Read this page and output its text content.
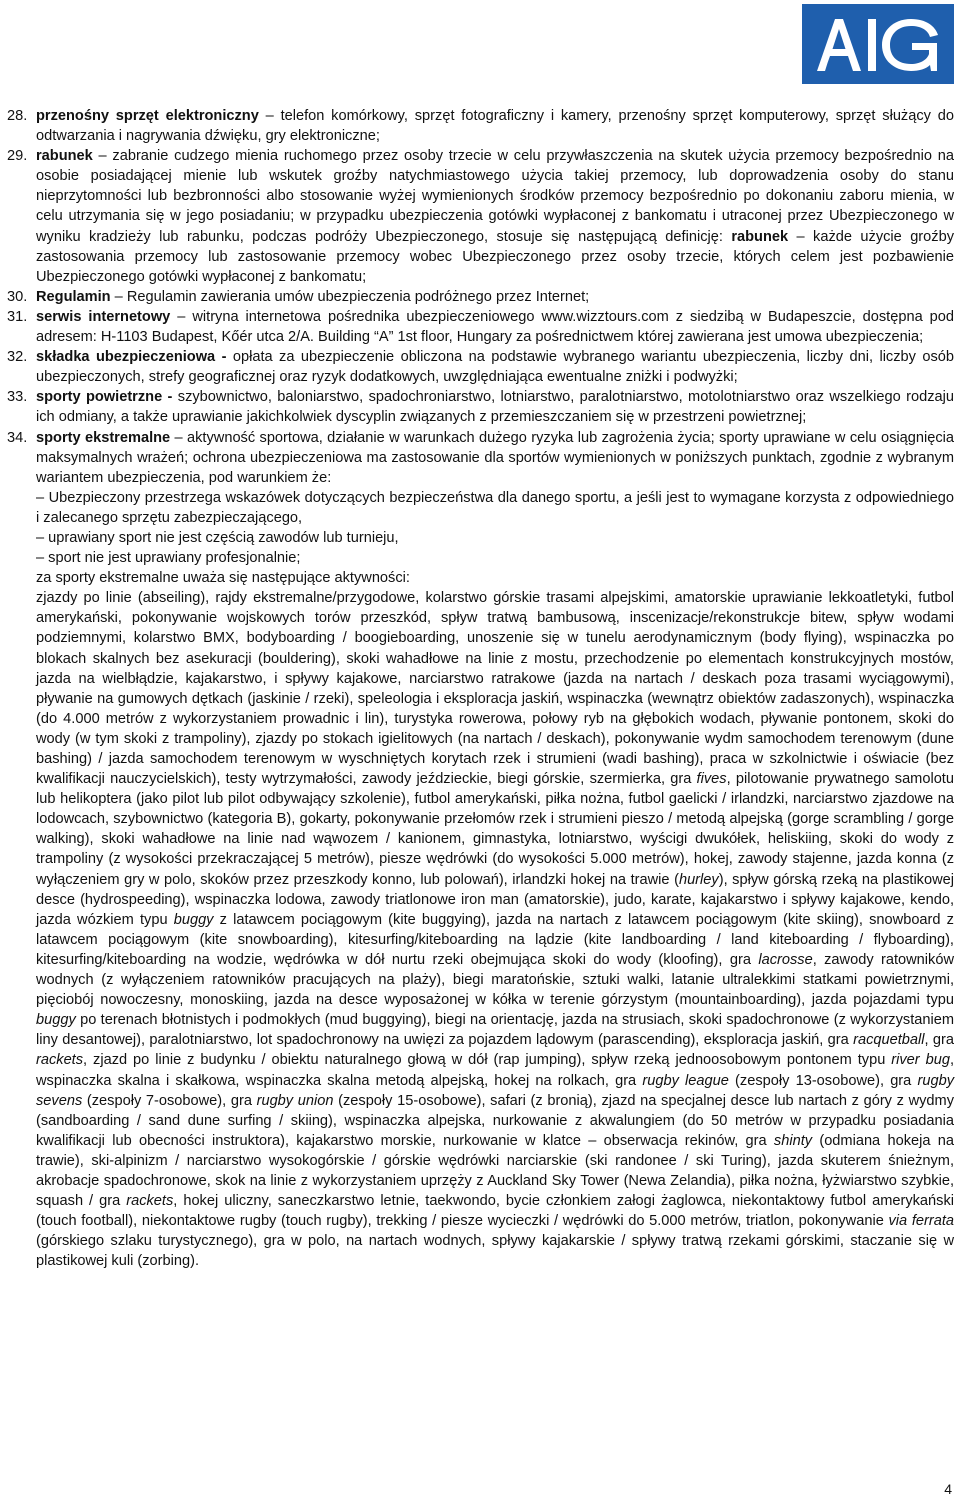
28. przenośny sprzęt elektroniczny – telefon komórkowy, sprzęt fotograficzny i kamery, przenośny sprzęt komputerowy, sprzęt służący do odtwarzania i nagrywania dźwięku, gry elektroniczne;
29. rabunek – zabranie cudzego mienia ruchomego przez osoby trzecie w celu przywłaszczenia na skutek użycia przemocy bezpośrednio na osobie posiadającej mienie lub wskutek groźby natychmiastowego użycia takiej przemocy, lub doprowadzenia osoby do stanu nieprzytomności lub bezbronności albo stosowanie wyżej wymienionych środków przemocy bezpośrednio po dokonaniu zaboru mienia, w celu utrzymania się w jego posiadaniu; w przypadku ubezpieczenia gotówki wypłaconej z bankomatu i utraconej przez Ubezpieczonego w wyniku kradzieży lub rabunku, podczas podróży Ubezpieczonego, stosuje się następującą definicję: rabunek – każde użycie groźby zastosowania przemocy lub zastosowanie przemocy wobec Ubezpieczonego przez osoby trzecie, których celem jest pozbawienie Ubezpieczonego gotówki wypłaconej z bankomatu;
30. Regulamin – Regulamin zawierania umów ubezpieczenia podróżnego przez Internet;
31. serwis internetowy – witryna internetowa pośrednika ubezpieczeniowego www.wizztours.com z siedzibą w Budapeszcie, dostępna pod adresem: H-1103 Budapest, Kőér utca 2/A. Building “A” 1st floor, Hungary za pośrednictwem której zawierana jest umowa ubezpieczenia;
32. składka ubezpieczeniowa - opłata za ubezpieczenie obliczona na podstawie wybranego wariantu ubezpieczenia, liczby dni, liczby osób ubezpieczonych, strefy geograficznej oraz ryzyk dodatkowych, uwzględniająca ewentualne zniżki i podwyżki;
33. sporty powietrzne - szybownictwo, baloniarstwo, spadochroniarstwo, lotniarstwo, paralotniarstwo, motolotniarstwo oraz wszelkiego rodzaju ich odmiany, a także uprawianie jakichkolwiek dyscyplin związanych z przemieszczaniem się w przestrzeni powietrznej;
34. sporty ekstremalne – aktywność sportowa, działanie w warunkach dużego ryzyka lub zagrożenia życia; sporty uprawiane w celu osiągnięcia maksymalnych wrażeń; ochrona ubezpieczeniowa ma zastosowanie dla sportów wymienionych w poniższych punktach, zgodnie z wybranym wariantem ubezpieczenia, pod warunkiem że:

– Ubezpieczony przestrzega wskazówek dotyczących bezpieczeństwa dla danego sportu, a jeśli jest to wymagane korzysta z odpowiedniego i zalecanego sprzętu zabezpieczającego,

– uprawiany sport nie jest częścią zawodów lub turnieju,

– sport nie jest uprawiany profesjonalnie;

za sporty ekstremalne uważa się następujące aktywności:

zjazdy po linie (abseiling), rajdy ekstremalne/przygodowe, kolarstwo górskie trasami alpejskimi, amatorskie uprawianie lekkoatletyki, futbol amerykański, pokonywanie wojskowych torów przeszkód, spływ tratwą bambusową, inscenizacje/rekonstrukcje bitew, spływ wodami podziemnymi, kolarstwo BMX, bodyboarding / boogieboarding, unoszenie się w tunelu aerodynamicznym (body flying), wspinaczka po blokach skalnych bez asekuracji (bouldering), skoki wahadłowe na linie z mostu, przechodzenie po elementach konstrukcyjnych mostów, jazda na wielbłądzie, kajakarstwo, i spływy kajakowe, narciarstwo ratrakowe (jazda na nartach / deskach poza trasami wyciągowymi), pływanie na gumowych dętkach (jaskinie / rzeki), speleologia i eksploracja jaskiń, wspinaczka (wewnątrz obiektów zadaszonych), wspinaczka (do 4.000 metrów z wykorzystaniem prowadnic i lin), turystyka rowerowa, połowy ryb na głębokich wodach, pływanie pontonem, skoki do wody (w tym skoki z trampoliny), zjazdy po stokach igielitowych (na nartach / deskach), pokonywanie wydm samochodem terenowym (dune bashing) / jazda samochodem terenowym w wyschniętych korytach rzek i strumieni (wadi bashing), praca w szkolnictwie i oświacie (bez kwalifikacji nauczycielskich), testy wytrzymałości, zawody jeździeckie, biegi górskie, szermierka, gra fives, pilotowanie prywatnego samolotu lub helikoptera (jako pilot lub pilot odbywający szkolenie), futbol amerykański, piłka nożna, futbol gaelicki / irlandzki, narciarstwo zjazdowe na lodowcach, szybownictwo (kategoria B), gokarty, pokonywanie przełomów rzek i strumieni pieszo / metodą alpejską (gorge scrambling / gorge walking), skoki wahadłowe na linie nad wąwozem / kanionem, gimnastyka, lotniarstwo, wyścigi dwukółek, heliskiing, skoki do wody z trampoliny (z wysokości przekraczającej 5 metrów), piesze wędrówki (do wysokości 5.000 metrów), hokej, zawody stajenne, jazda konna (z wyłączeniem gry w polo, skoków przez przeszkody konno, lub polowań), irlandzki hokej na trawie (hurley), spływ górską rzeką na plastikowej desce (hydrospeeding), wspinaczka lodowa, zawody triatlonowe iron man (amatorskie), judo, karate, kajakarstwo i spływy kajakowe, kendo, jazda wózkiem typu buggy z latawcem pociągowym (kite buggying), jazda na nartach z latawcem pociągowym (kite skiing), snowboard z latawcem pociągowym (kite snowboarding), kitesurfing/kiteboarding na lądzie (kite landboarding / land kiteboarding / flyboarding), kitesurfing/kiteboarding na wodzie, wędrówka w dół nurtu rzeki obejmująca skoki do wody (kloofing), gra lacrosse, zawody ratowników wodnych (z wyłączeniem ratowników pracujących na plaży), biegi maratońskie, sztuki walki, latanie ultralekkimi statkami powietrznymi, pięciobój nowoczesny, monoskiing, jazda na desce wyposażonej w kółka w terenie górzystym (mountainboarding), jazda pojazdami typu buggy po terenach błotnistych i podmokłych (mud buggying), biegi na orientację, jazda na strusiach, skoki spadochronowe (z wykorzystaniem liny desantowej), paralotniarstwo, lot spadochronowy na uwięzi za pojazdem lądowym (parascending), eksploracja jaskiń, gra racquetball, gra rackets, zjazd po linie z budynku / obiektu naturalnego głową w dół (rap jumping), spływ rzeką jednoosobowym pontonem typu river bug, wspinaczka skalna i skałkowa, wspinaczka skalna metodą alpejską, hokej na rolkach, gra rugby league (zespoły 13-osobowe), gra rugby sevens (zespoły 7-osobowe), gra rugby union (zespoły 15-osobowe), safari (z bronią), zjazd na specjalnej desce lub nartach z góry z wydmy (sandboarding / sand dune surfing / skiing), wspinaczka alpejska, nurkowanie z akwalungiem (do 50 metrów w przypadku posiadania kwalifikacji lub obecności instruktora), kajakarstwo morskie, nurkowanie w klatce – obserwacja rekinów, gra shinty (odmiana hokeja na trawie), ski-alpinizm / narciarstwo wysokogórskie / górskie wędrówki narciarskie (ski randonee / ski Turing), jazda skuterem śnieżnym, akrobacje spadochronowe, skok na linie z wykorzystaniem uprzęży z Auckland Sky Tower (Newa Zelandia), piłka nożna, łyżwiarstwo szybkie, squash / gra rackets, hokej uliczny, saneczkarstwo letnie, taekwondo, bycie członkiem załogi żaglowca, niekontaktowy futbol amerykański (touch football), niekontaktowe rugby (touch rugby), trekking / piesze wycieczki / wędrówki do 5.000 metrów, triatlon, pokonywanie via ferrata (górskiego szlaku turystycznego), gra w polo, na nartach wodnych, spływy kajakarskie / spływy tratwą rzekami górskimi, staczanie się w plastikowej kuli (zorbing).

4
